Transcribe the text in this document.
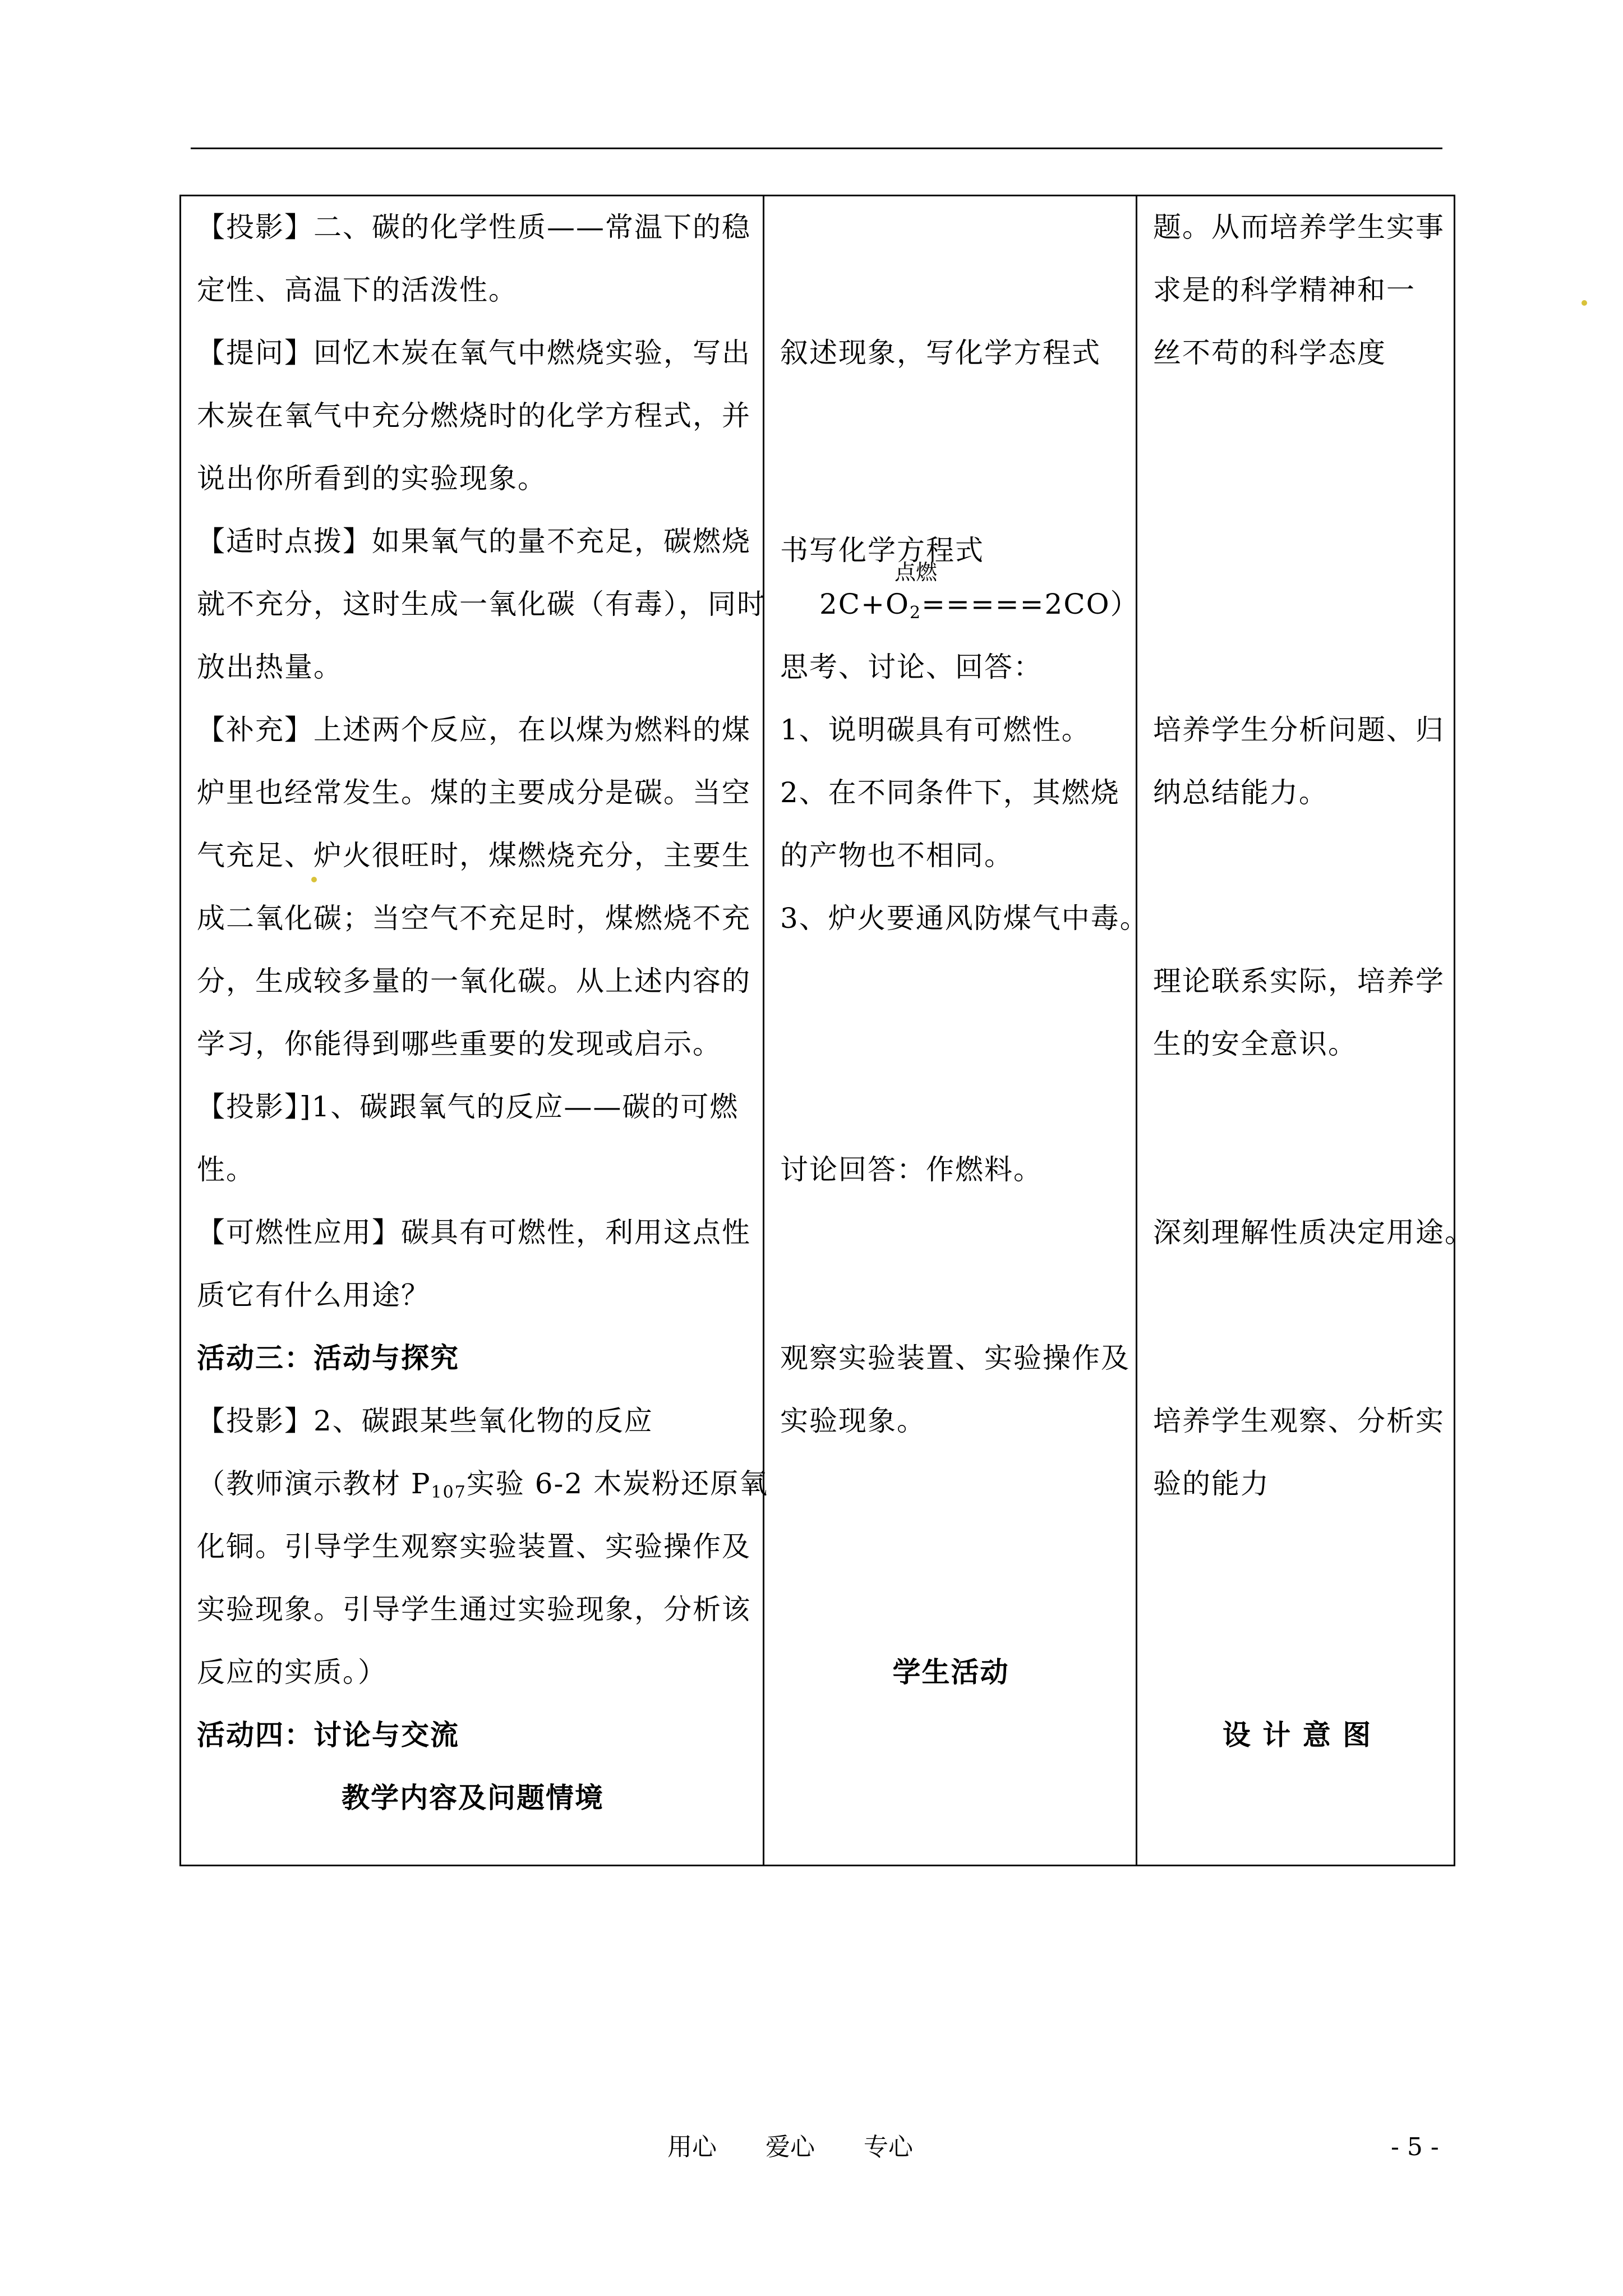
【投影】二、碳的化学性质——常温下的稳
定性、高温下的活泼性。
【提问】回忆木炭在氧气中燃烧实验，写出
木炭在氧气中充分燃烧时的化学方程式，并
说出你所看到的实验现象。
【适时点拨】如果氧气的量不充足，碳燃烧
就不充分，这时生成一氧化碳（有毒），同时
放出热量。
【补充】上述两个反应，在以煤为燃料的煤
炉里也经常发生。煤的主要成分是碳。当空
气充足、炉火很旺时，煤燃烧充分，主要生
成二氧化碳；当空气不充足时，煤燃烧不充
分，生成较多量的一氧化碳。从上述内容的
学习，你能得到哪些重要的发现或启示。
【投影】]1、碳跟氧气的反应——碳的可燃
性。
【可燃性应用】碳具有可燃性，利用这点性
质它有什么用途？
活动三：活动与探究
【投影】2、碳跟某些氧化物的反应
（教师演示教材 $P_{107}$实验 6-2 木炭粉还原氧
化铜。引导学生观察实验装置、实验操作及
实验现象。引导学生通过实验现象，分析该
反应的实质。）
活动四：讨论与交流
教学内容及问题情境
叙述现象，写化学方程式
书写化学方程式
点燃
$2C+O_2=====2CO$）
思考、讨论、回答：
1、说明碳具有可燃性。
2、在不同条件下，其燃烧
的产物也不相同。
3、炉火要通风防煤气中毒。
讨论回答：作燃料。
观察实验装置、实验操作及
实验现象。
学生活动
题。从而培养学生实事
求是的科学精神和一
丝不苟的科学态度
培养学生分析问题、归
纳总结能力。
理论联系实际，培养学
生的安全意识。
深刻理解性质决定用途。
培养学生观察、分析实
验的能力
设 计 意 图
用心 爱心 专心	- 5 -
